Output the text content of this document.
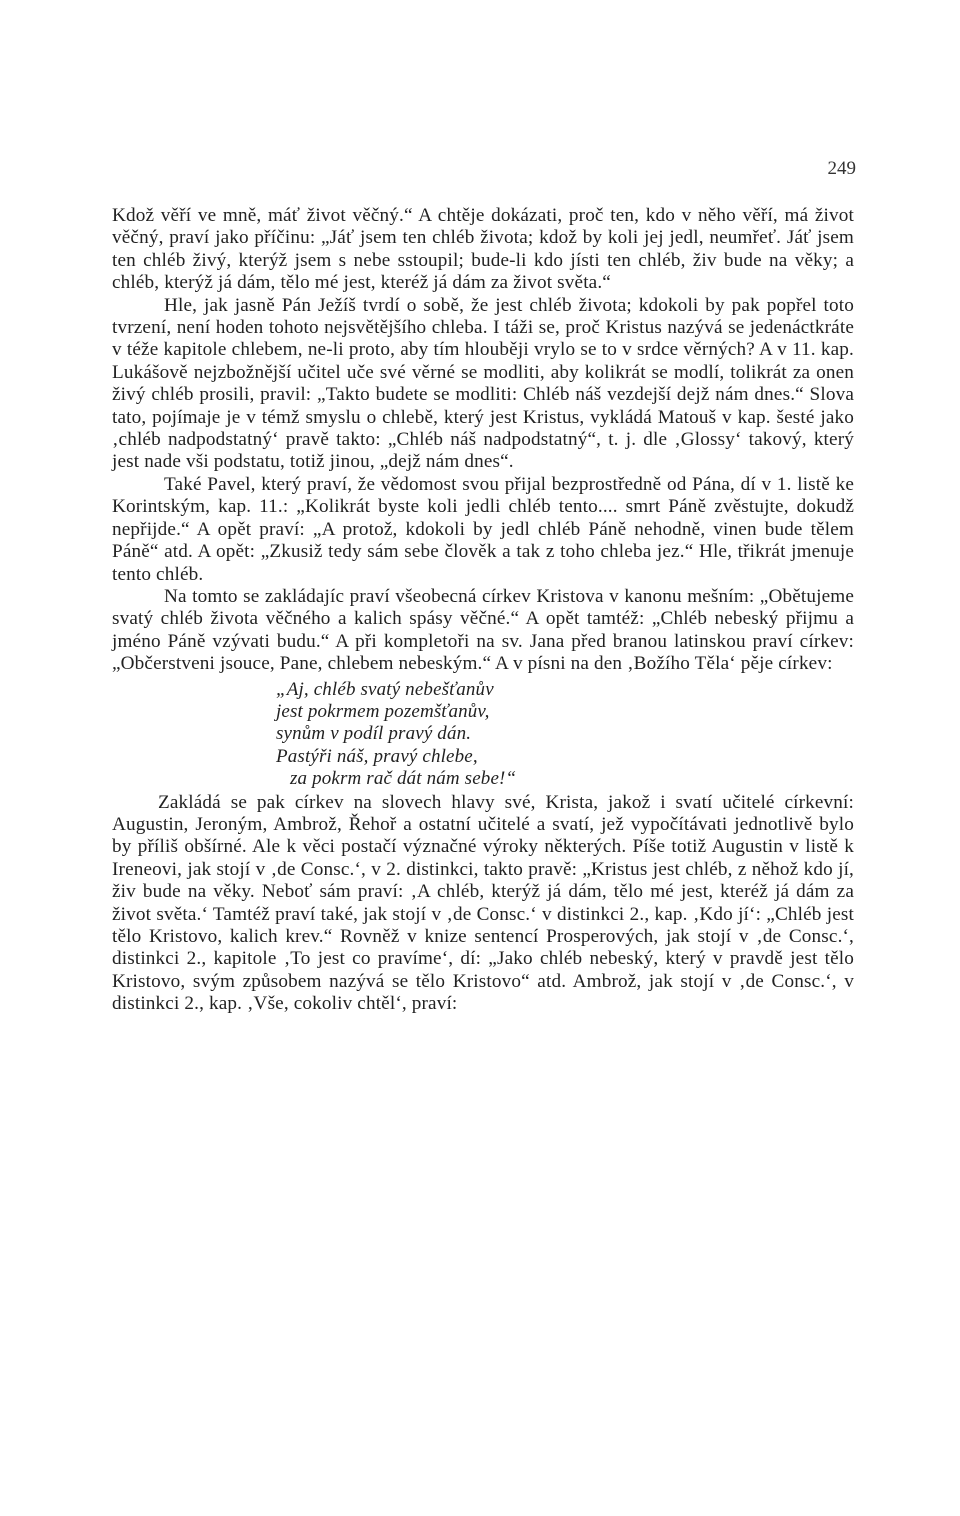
249

Kdož věří ve mně, máť život věčný.“ A chtěje dokázati, proč ten, kdo v něho věří, má život věčný, praví jako příčinu: „Jáť jsem ten chléb života; kdož by koli jej jedl, neumřeť. Jáť jsem ten chléb živý, kterýž jsem s nebe sstoupil; bude-li kdo jísti ten chléb, živ bude na věky; a chléb, kterýž já dám, tělo mé jest, kteréž já dám za život světa.“

Hle, jak jasně Pán Ježíš tvrdí o sobě, že jest chléb života; kdokoli by pak popřel toto tvrzení, není hoden tohoto nejsvětějšího chleba. I táži se, proč Kristus nazývá se jedenáctkráte v téže kapitole chlebem, ne-li proto, aby tím hlouběji vrylo se to v srdce věrných? A v 11. kap. Lukášově nejzbožnější učitel uče své věrné se modliti, aby kolikrát se modlí, tolikrát za onen živý chléb prosili, pravil: „Takto budete se modliti: Chléb náš vezdejší dejž nám dnes.“ Slova tato, pojímaje je v témž smyslu o chlebě, který jest Kristus, vykládá Matouš v kap. šesté jako ‚chléb nadpodstatný‘ pravě takto: „Chléb náš nadpodstatný“, t. j. dle ‚Glossy‘ takový, který jest nade vši podstatu, totiž jinou, „dejž nám dnes“.

Také Pavel, který praví, že vědomost svou přijal bezprostředně od Pána, dí v 1. listě ke Korintským, kap. 11.: „Kolikrát byste koli jedli chléb tento.... smrt Páně zvěstujte, dokudž nepřijde.“ A opět praví: „A protož, kdokoli by jedl chléb Páně nehodně, vinen bude tělem Páně“ atd. A opět: „Zkusiž tedy sám sebe člověk a tak z toho chleba jez.“ Hle, třikrát jmenuje tento chléb.

Na tomto se zakládajíc praví všeobecná církev Kristova v kanonu mešním: „Obětujeme svatý chléb života věčného a kalich spásy věčné.“ A opět tamtéž: „Chléb nebeský přijmu a jméno Páně vzývati budu.“ A při kompletoři na sv. Jana před branou latinskou praví církev: „Občerstveni jsouce, Pane, chlebem nebeským.“ A v písni na den ‚Božího Těla‘ pěje církev:

„Aj, chléb svatý nebešťanův
jest pokrmem pozemšťanův,
synům v podíl pravý dán.
Pastýři náš, pravý chlebe,
za pokrm rač dát nám sebe!“

Zakládá se pak církev na slovech hlavy své, Krista, jakož i svatí učitelé církevní: Augustin, Jeroným, Ambrož, Řehoř a ostatní učitelé a svatí, jež vypočítávati jednotlivě bylo by příliš obšírné. Ale k věci postačí význačné výroky některých. Píše totiž Augustin v listě k Ireneovi, jak stojí v ‚de Consc.‘, v 2. distinkci, takto pravě: „Kristus jest chléb, z něhož kdo jí, živ bude na věky. Neboť sám praví: ‚A chléb, kterýž já dám, tělo mé jest, kteréž já dám za život světa.‘ Tamtéž praví také, jak stojí v ‚de Consc.‘ v distinkci 2., kap. ‚Kdo jí‘: „Chléb jest tělo Kristovo, kalich krev.“ Rovněž v knize sentencí Prosperových, jak stojí v ‚de Consc.‘, distinkci 2., kapitole ‚To jest co pravíme‘, dí: „Jako chléb nebeský, který v pravdě jest tělo Kristovo, svým způsobem nazývá se tělo Kristovo“ atd. Ambrož, jak stojí v ‚de Consc.‘, v distinkci 2., kap. ‚Vše, cokoliv chtěl‘, praví:
